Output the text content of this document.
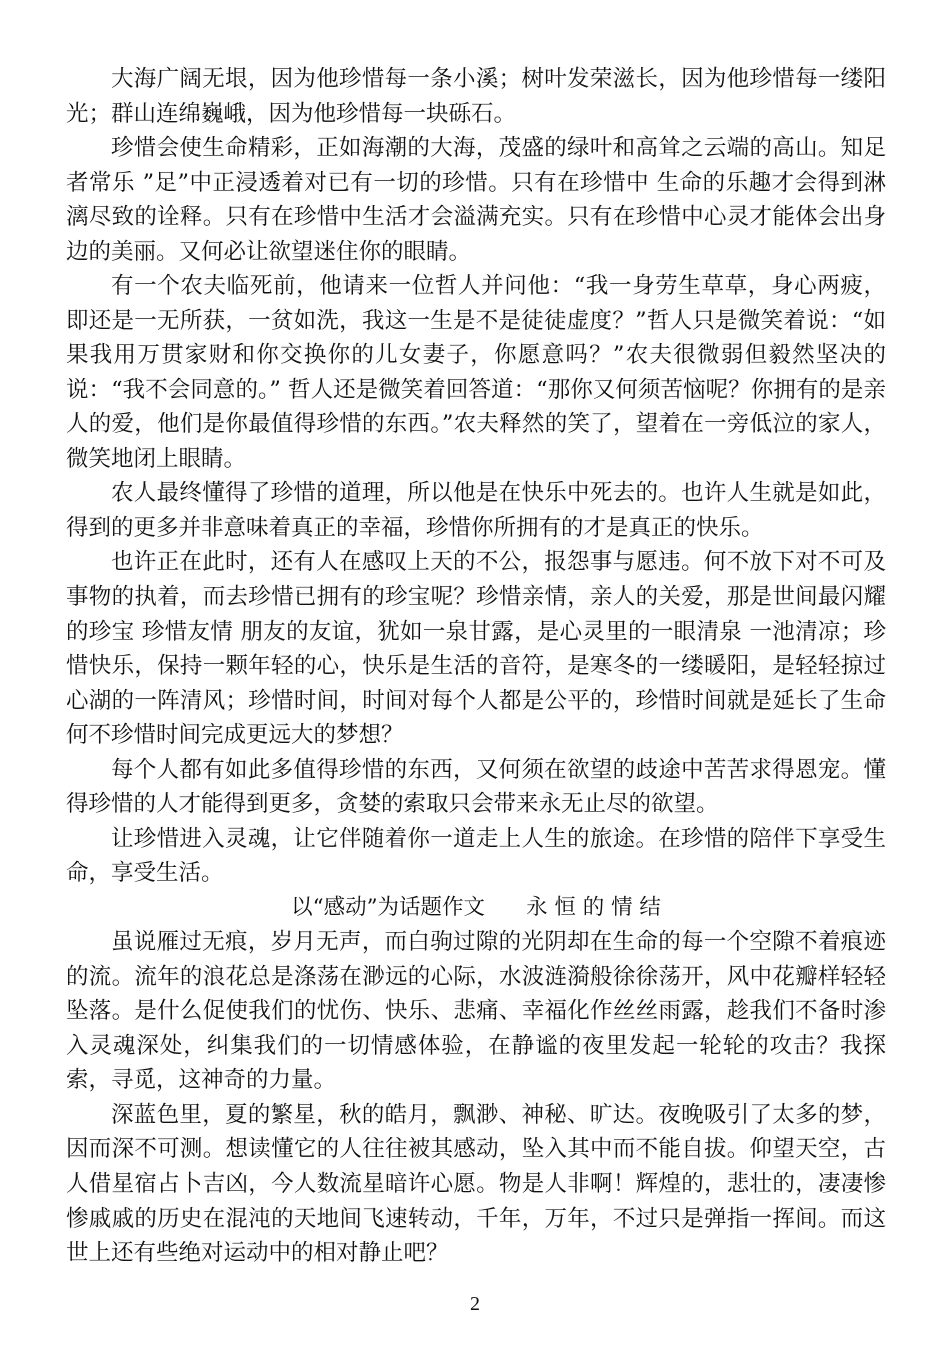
大海广阔无垠，因为他珍惜每一条小溪；树叶发荣滋长，因为他珍惜每一缕阳光；群山连绵巍峨，因为他珍惜每一块砾石。

珍惜会使生命精彩，正如海潮的大海，茂盛的绿叶和高耸之云端的高山。知足者常乐 ”足”中正浸透着对已有一切的珍惜。只有在珍惜中 生命的乐趣才会得到淋漓尽致的诠释。只有在珍惜中生活才会溢满充实。只有在珍惜中心灵才能体会出身边的美丽。又何必让欲望迷住你的眼睛。

有一个农夫临死前，他请来一位哲人并问他：“我一身劳生草草，身心两疲，即还是一无所获，一贫如洗，我这一生是不是徒徒虚度？”哲人只是微笑着说：“如果我用万贯家财和你交换你的儿女妻子，你愿意吗？”农夫很微弱但毅然坚决的说：“我不会同意的。” 哲人还是微笑着回答道：“那你又何须苦恼呢？你拥有的是亲人的爱，他们是你最值得珍惜的东西。”农夫释然的笑了，望着在一旁低泣的家人，微笑地闭上眼睛。

农人最终懂得了珍惜的道理，所以他是在快乐中死去的。也许人生就是如此，得到的更多并非意味着真正的幸福，珍惜你所拥有的才是真正的快乐。

也许正在此时，还有人在感叹上天的不公，报怨事与愿违。何不放下对不可及事物的执着，而去珍惜已拥有的珍宝呢？珍惜亲情，亲人的关爱，那是世间最闪耀的珍宝 珍惜友情 朋友的友谊，犹如一泉甘露，是心灵里的一眼清泉 一池清凉；珍惜快乐，保持一颗年轻的心，快乐是生活的音符，是寒冬的一缕暖阳，是轻轻掠过心湖的一阵清风；珍惜时间，时间对每个人都是公平的，珍惜时间就是延长了生命 何不珍惜时间完成更远大的梦想？

每个人都有如此多值得珍惜的东西，又何须在欲望的歧途中苦苦求得恩宠。懂得珍惜的人才能得到更多，贪婪的索取只会带来永无止尽的欲望。

让珍惜进入灵魂，让它伴随着你一道走上人生的旅途。在珍惜的陪伴下享受生命，享受生活。

以“感动”为话题作文      永 恒 的 情 结

虽说雁过无痕，岁月无声，而白驹过隙的光阴却在生命的每一个空隙不着痕迹的流。流年的浪花总是涤荡在渺远的心际，水波涟漪般徐徐荡开，风中花瓣样轻轻坠落。是什么促使我们的忧伤、快乐、悲痛、幸福化作丝丝雨露，趁我们不备时渗入灵魂深处，纠集我们的一切情感体验，在静谧的夜里发起一轮轮的攻击？我探索，寻觅，这神奇的力量。

深蓝色里，夏的繁星，秋的皓月，飘渺、神秘、旷达。夜晚吸引了太多的梦，因而深不可测。想读懂它的人往往被其感动，坠入其中而不能自拔。仰望天空，古人借星宿占卜吉凶，今人数流星暗许心愿。物是人非啊！辉煌的，悲壮的，凄凄惨惨戚戚的历史在混沌的天地间飞速转动，千年，万年，不过只是弹指一挥间。而这世上还有些绝对运动中的相对静止吧？

2
